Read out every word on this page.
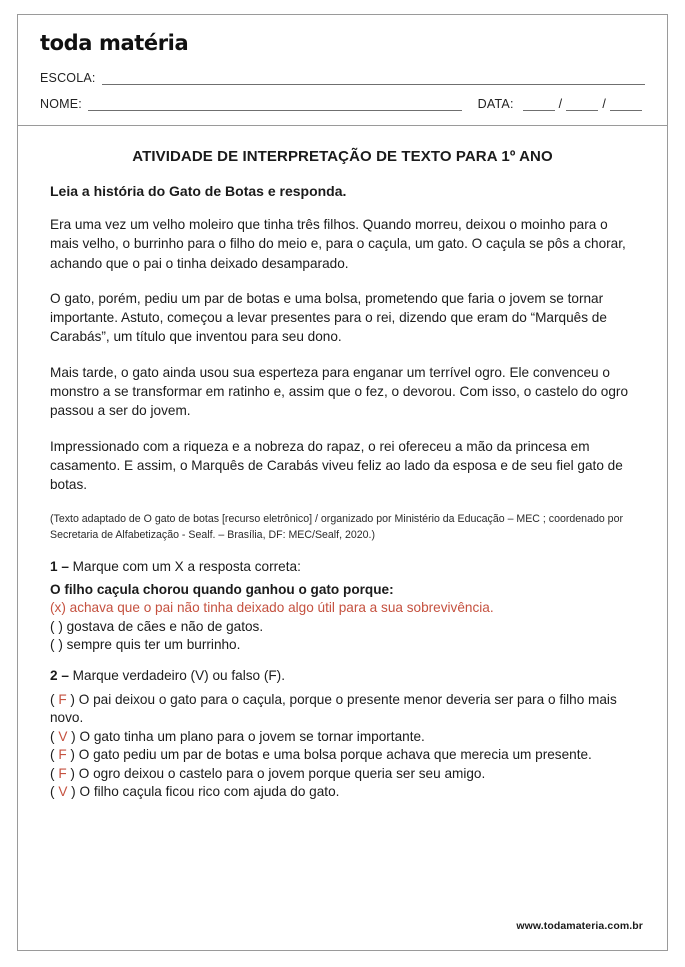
toda matéria
ESCOLA:
NOME:	DATA:	/	/
ATIVIDADE DE INTERPRETAÇÃO DE TEXTO PARA 1º ANO
Leia a história do Gato de Botas e responda.

Era uma vez um velho moleiro que tinha três filhos. Quando morreu, deixou o moinho para o mais velho, o burrinho para o filho do meio e, para o caçula, um gato. O caçula se pôs a chorar, achando que o pai o tinha deixado desamparado.

O gato, porém, pediu um par de botas e uma bolsa, prometendo que faria o jovem se tornar importante. Astuto, começou a levar presentes para o rei, dizendo que eram do “Marquês de Carabás”, um título que inventou para seu dono.

Mais tarde, o gato ainda usou sua esperteza para enganar um terrível ogro. Ele convenceu o monstro a se transformar em ratinho e, assim que o fez, o devorou. Com isso, o castelo do ogro passou a ser do jovem.

Impressionado com a riqueza e a nobreza do rapaz, o rei ofereceu a mão da princesa em casamento. E assim, o Marquês de Carabás viveu feliz ao lado da esposa e de seu fiel gato de botas.

(Texto adaptado de O gato de botas [recurso eletrônico] / organizado por Ministério da Educação – MEC ; coordenado por Secretaria de Alfabetização - Sealf. – Brasília, DF: MEC/Sealf, 2020.)

1 – Marque com um X a resposta correta:
O filho caçula chorou quando ganhou o gato porque:
(x) achava que o pai não tinha deixado algo útil para a sua sobrevivência.
( ) gostava de cães e não de gatos.
( ) sempre quis ter um burrinho.
2 – Marque verdadeiro (V) ou falso (F).
( F ) O pai deixou o gato para o caçula, porque o presente menor deveria ser para o filho mais novo.
( V ) O gato tinha um plano para o jovem se tornar importante.
( F ) O gato pediu um par de botas e uma bolsa porque achava que merecia um presente.
( F ) O ogro deixou o castelo para o jovem porque queria ser seu amigo.
( V ) O filho caçula ficou rico com ajuda do gato.
www.todamateria.com.br
